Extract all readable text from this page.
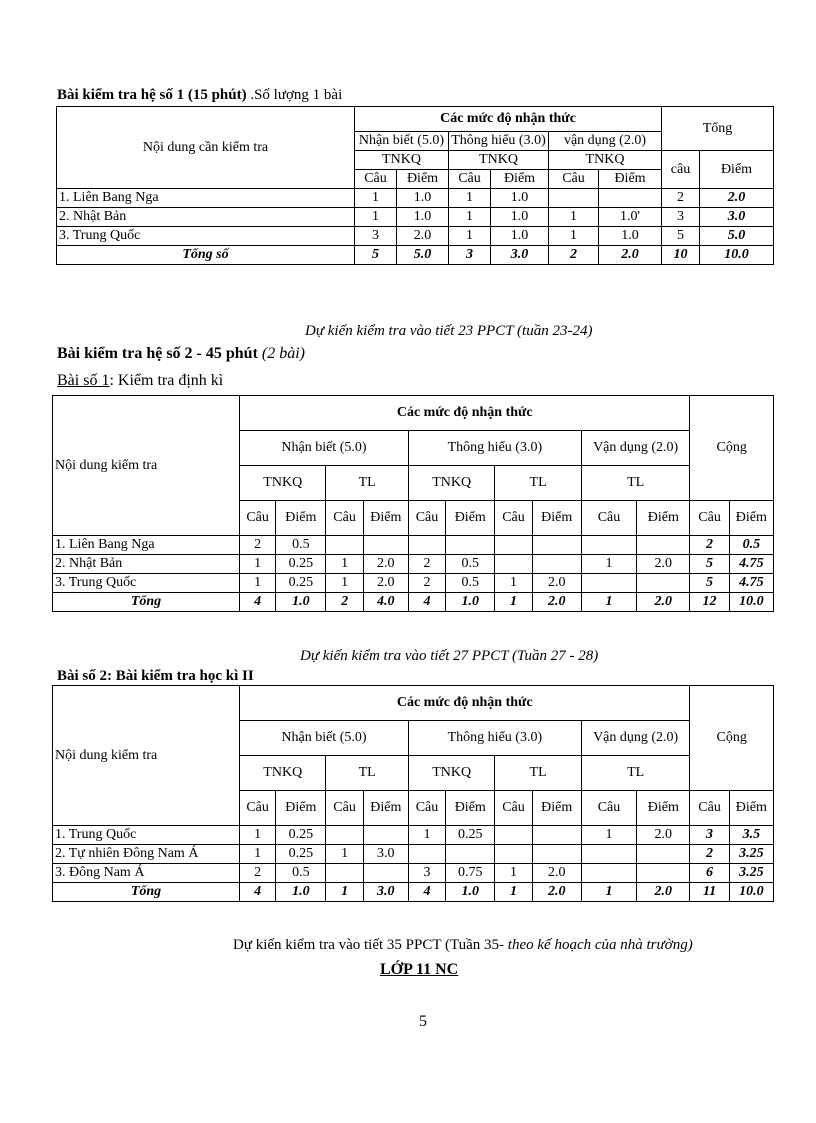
Bài kiểm tra hệ số 1 (15 phút) .Số lượng 1 bài
Nội dung cần kiểm tra	Các mức độ nhận thức						Tổng	
	Nhận biết (5.0)		Thông hiểu (3.0)		vận dụng (2.0)			
	TNKQ		TNKQ		TNKQ		câu	Điểm
	Câu	Điểm	Câu	Điểm	Câu	Điểm		
1. Liên Bang Nga	1	1.0	1	1.0			2	2.0
2. Nhật Bản	1	1.0	1	1.0	1	1.0'	3	3.0
3. Trung Quốc	3	2.0	1	1.0	1	1.0	5	5.0
Tổng số	5	5.0	3	3.0	2	2.0	10	10.0
Dự kiến kiểm tra vào tiết 23 PPCT (tuần 23-24)
Bài kiểm tra hệ số 2 - 45 phút (2 bài)
Bài số 1: Kiểm tra định kì
Nội dung kiểm tra	Các mức độ nhận thức										Cộng	
	Nhận biết (5.0)				Thông hiểu (3.0)				Vận dụng (2.0)			
	TNKQ		TL		TNKQ		TL		TL			
	Câu	Điểm	Câu	Điểm	Câu	Điểm	Câu	Điểm	Câu	Điểm	Câu	Điểm
1. Liên Bang Nga	2	0.5									2	0.5
2. Nhật Bản	1	0.25	1	2.0	2	0.5			1	2.0	5	4.75
3. Trung Quốc	1	0.25	1	2.0	2	0.5	1	2.0			5	4.75
Tổng	4	1.0	2	4.0	4	1.0	1	2.0	1	2.0	12	10.0
Dự kiến kiểm tra vào tiết 27 PPCT (Tuần 27 - 28)
Bài số 2: Bài kiểm tra học kì II
Nội dung kiểm tra	Các mức độ nhận thức										Cộng	
	Nhận biết (5.0)				Thông hiểu (3.0)				Vận dụng (2.0)			
	TNKQ		TL		TNKQ		TL		TL			
	Câu	Điểm	Câu	Điểm	Câu	Điểm	Câu	Điểm	Câu	Điểm	Câu	Điểm
1. Trung Quốc	1	0.25			1	0.25			1	2.0	3	3.5
2. Tự nhiên Đông Nam Á	1	0.25	1	3.0							2	3.25
3. Đông Nam Á	2	0.5			3	0.75	1	2.0			6	3.25
Tổng	4	1.0	1	3.0	4	1.0	1	2.0	1	2.0	11	10.0
Dự kiến kiểm tra vào tiết 35 PPCT (Tuần 35- theo kế hoạch của nhà trường)
LỚP 11 NC
5
